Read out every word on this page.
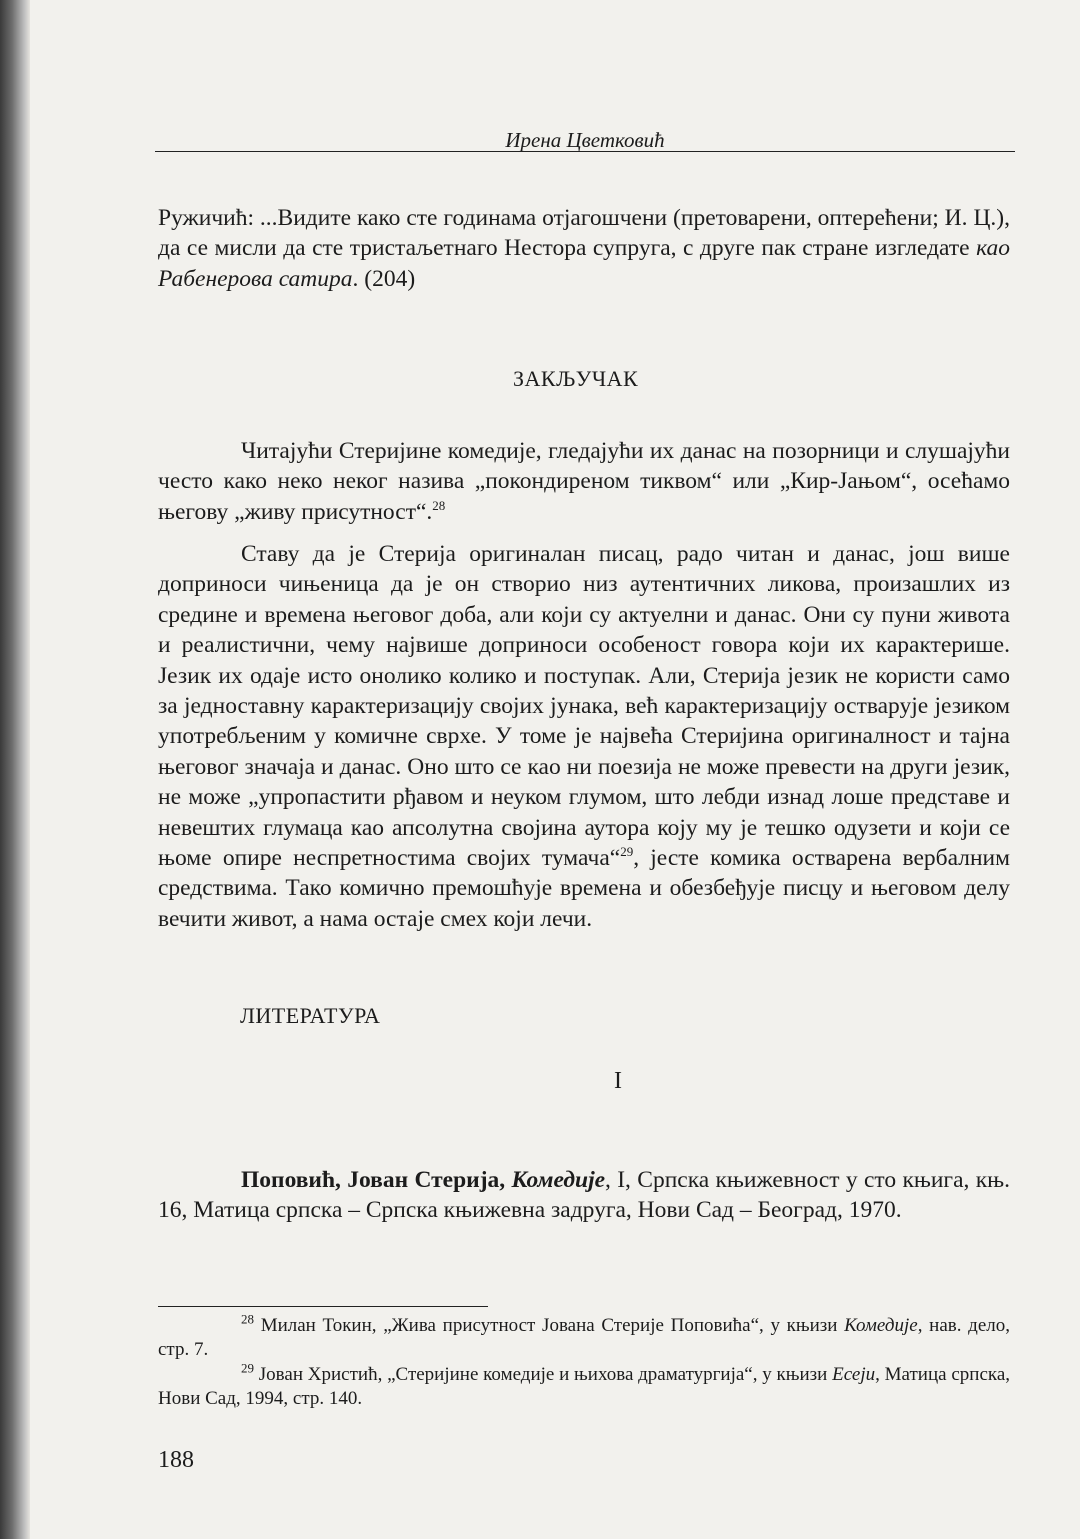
Ирена Цветковић

Ружичић: ...Видите како сте годинама отјагошчени (претоварени, оптерећени; И. Ц.), да се мисли да сте тристаљетнаго Нестора супруга, с друге пак стране изгледате као Рабенерова сатира. (204)

ЗАКЉУЧАК

Читајући Стеријине комедије, гледајући их данас на позорници и слушајући често како неко неког назива „покондиреном тиквом“ или „Кир-Јањом“, осећамо његову „живу присутност“.$^{28}$

Ставу да је Стерија оригиналан писац, радо читан и данас, још више доприноси чињеница да је он створио низ аутентичних ликова, произашлих из средине и времена његовог доба, али који су актуелни и данас. Они су пуни живота и реалистични, чему највише доприноси особеност говора који их карактерише. Језик их одаје исто онолико колико и поступак. Али, Стерија језик не користи само за једноставну карактеризацију својих јунака, већ карактеризацију остварује језиком употребљеним у комичне сврхе. У томе је највећа Стеријина оригиналност и тајна његовог значаја и данас. Оно што се као ни поезија не може превести на други језик, не може „упропастити рђавом и неуком глумом, што лебди изнад лоше представе и невештих глумаца као апсолутна својина аутора коју му је тешко одузети и који се њоме опире неспретностима својих тумача“$^{29}$, јесте комика остварена вербалним средствима. Тако комично премошћује времена и обезбеђује писцу и његовом делу вечити живот, а нама остаје смех који лечи.

ЛИТЕРАТУРА
I

Поповић, Јован Стерија, Комедије, I, Српска књижевност у сто књига, књ. 16, Матица српска – Српска књижевна задруга, Нови Сад – Београд, 1970.

$^{28}$ Милан Токин, „Жива присутност Јована Стерије Поповића“, у књизи Комедије, нав. дело, стр. 7.

$^{29}$ Јован Христић, „Стеријине комедије и њихова драматургија“, у књизи Есеји, Матица српска, Нови Сад, 1994, стр. 140.

188
